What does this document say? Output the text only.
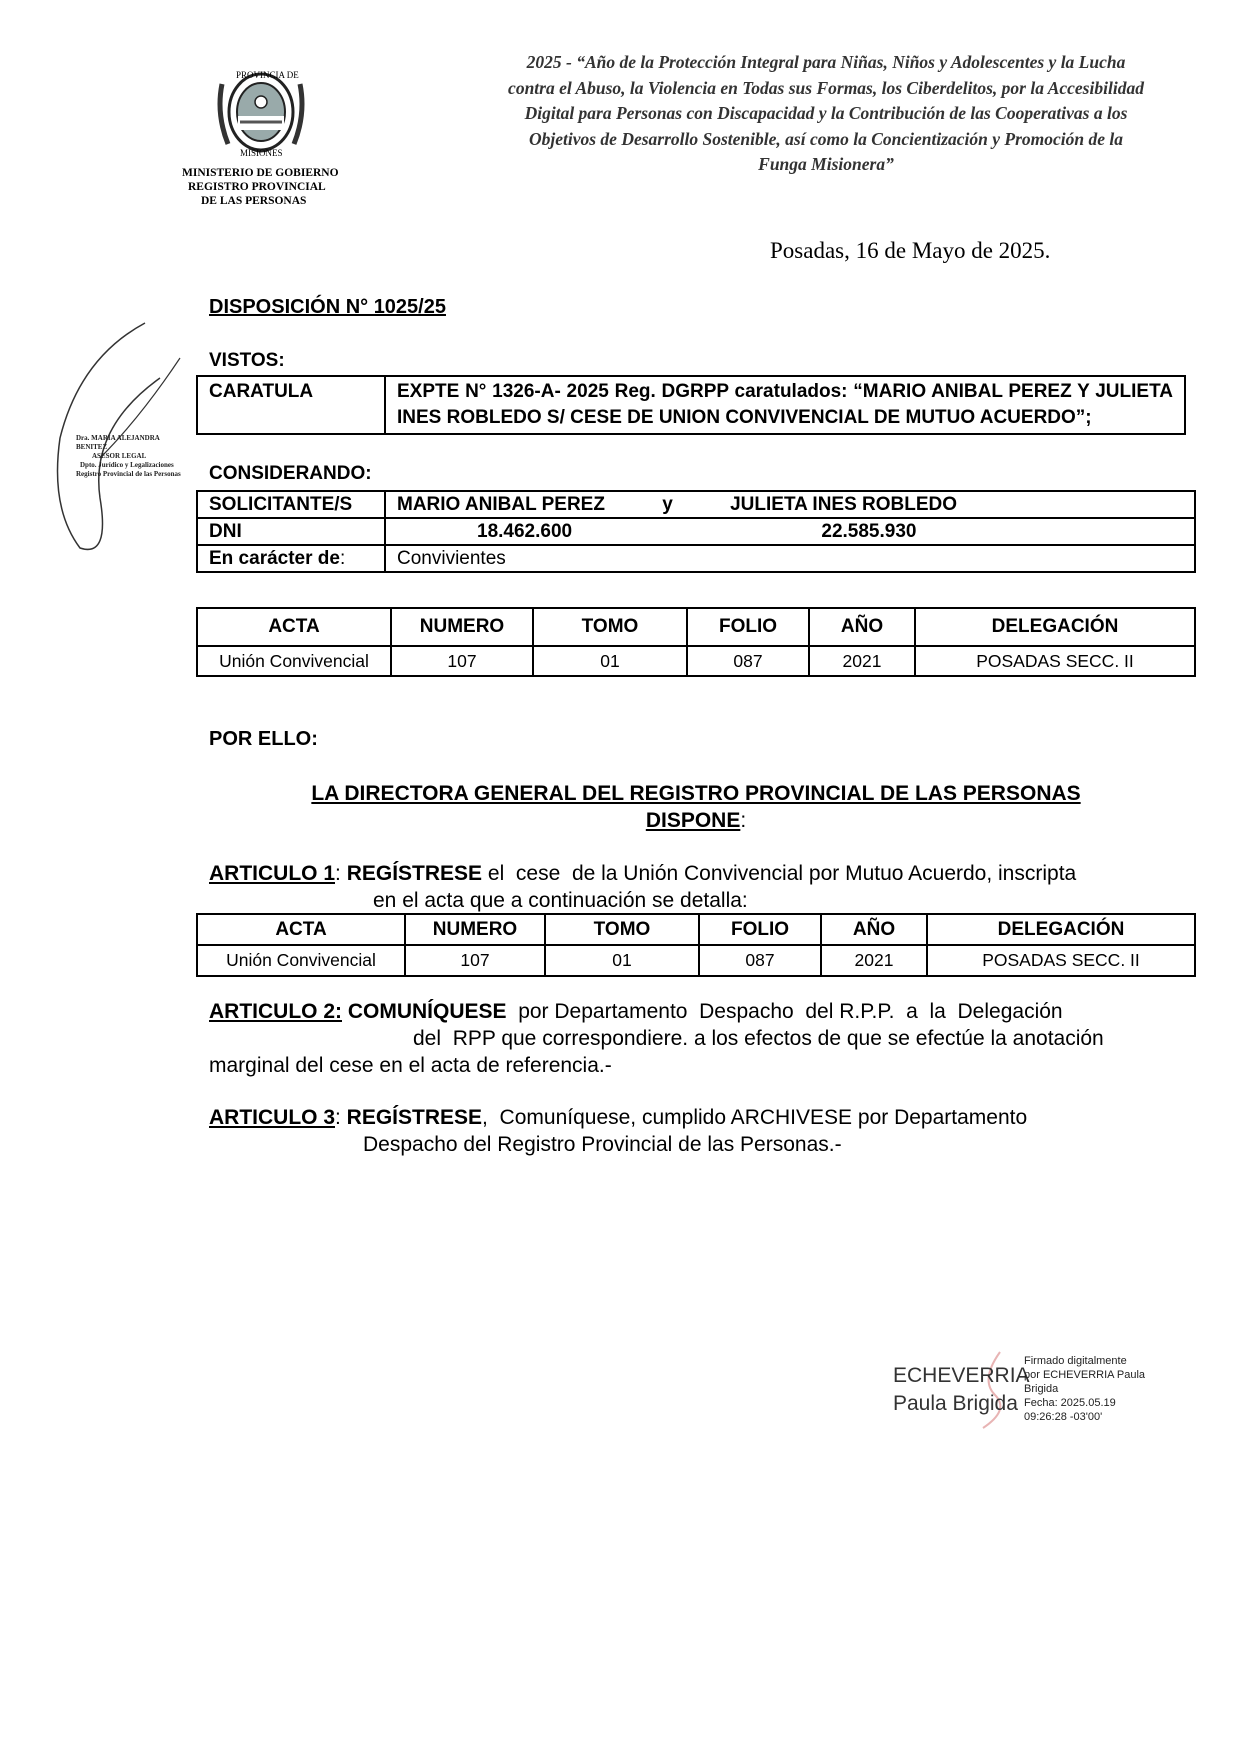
PROVINCIA DE
MISIONES
MINISTERIO DE GOBIERNO
REGISTRO PROVINCIAL
DE LAS PERSONAS
2025 - “Año de la Protección Integral para Niñas, Niños y Adolescentes y la Lucha contra el Abuso, la Violencia en Todas sus Formas, los Ciberdelitos, por la Accesibilidad Digital para Personas con Discapacidad y la Contribución de las Cooperativas a los Objetivos de Desarrollo Sostenible, así como la Concientización y Promoción de la Funga Misionera”
Posadas, 16 de Mayo de 2025.
DISPOSICIÓN N° 1025/25
Dra. MARIA ALEJANDRA BENITEZ
ASESOR LEGAL
Dpto. Jurídico y Legalizaciones
Registro Provincial de las Personas
VISTOS:
CARATULA	EXPTE N° 1326-A- 2025 Reg. DGRPP caratulados: “MARIO ANIBAL PEREZ Y JULIETA INES ROBLEDO S/ CESE DE UNION CONVIVENCIAL DE MUTUO ACUERDO”;
CONSIDERANDO:
SOLICITANTE/S	MARIO ANIBAL PEREZ y JULIETA INES ROBLEDO
DNI	18.462.600 22.585.930
En carácter de:	Convivientes
ACTA	NUMERO	TOMO	FOLIO	AÑO	DELEGACIÓN
Unión Convivencial	107	01	087	2021	POSADAS SECC. II
POR ELLO:
LA DIRECTORA GENERAL DEL REGISTRO PROVINCIAL DE LAS PERSONAS
DISPONE:
ARTICULO 1: REGÍSTRESE el  cese  de la Unión Convivencial por Mutuo Acuerdo, inscripta
en el acta que a continuación se detalla:
ACTA	NUMERO	TOMO	FOLIO	AÑO	DELEGACIÓN
Unión Convivencial	107	01	087	2021	POSADAS SECC. II
ARTICULO 2: COMUNÍQUESE  por Departamento  Despacho  del R.P.P.  a  la  Delegación
del  RPP que correspondiere. a los efectos de que se efectúe la anotación
marginal del cese en el acta de referencia.-
ARTICULO 3: REGÍSTRESE,  Comuníquese, cumplido ARCHIVESE por Departamento
Despacho del Registro Provincial de las Personas.-
ECHEVERRIA
Paula Brigida
Firmado digitalmente
por ECHEVERRIA Paula
Brigida
Fecha: 2025.05.19
09:26:28 -03'00'
